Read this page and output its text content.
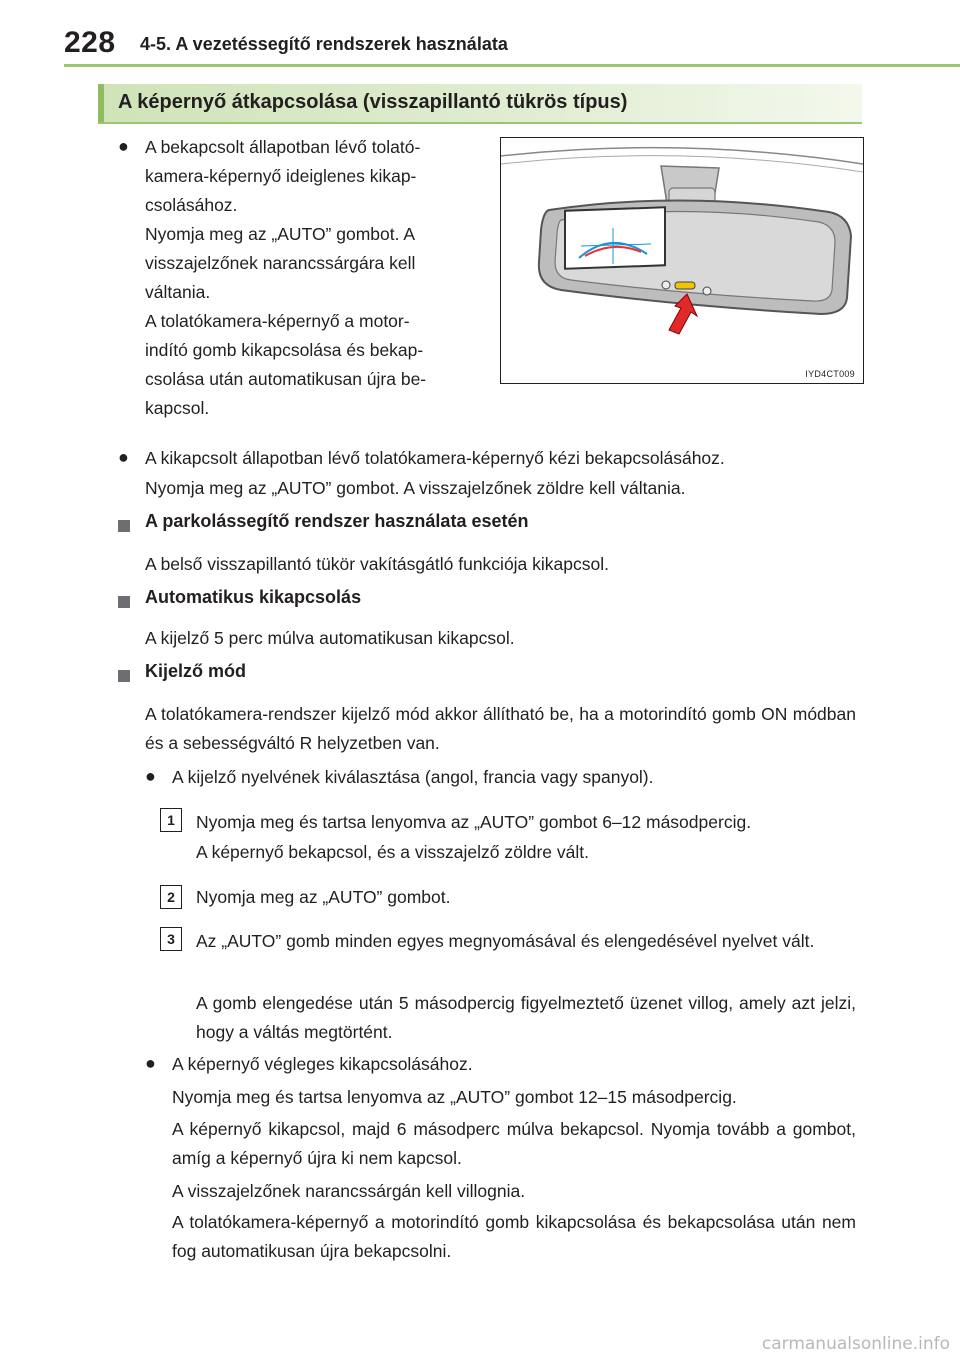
228 4-5. A vezetéssegítő rendszerek használata
A képernyő átkapcsolása (visszapillantó tükrös típus)
● A bekapcsolt állapotban lévő tolató-
kamera-képernyő ideiglenes kikap-
csolásához.
Nyomja meg az „AUTO” gombot. A
visszajelzőnek narancssárgára kell
váltania.
A tolatókamera-képernyő a motor-
indító gomb kikapcsolása és bekap-
csolása után automatikusan újra be-
kapcsol.
IYD4CT009
● A kikapcsolt állapotban lévő tolatókamera-képernyő kézi bekapcsolásához.
Nyomja meg az „AUTO” gombot. A visszajelzőnek zöldre kell váltania.
A parkolássegítő rendszer használata esetén
A belső visszapillantó tükör vakításgátló funkciója kikapcsol.
Automatikus kikapcsolás
A kijelző 5 perc múlva automatikusan kikapcsol.
Kijelző mód
A tolatókamera-rendszer kijelző mód akkor állítható be, ha a motorindító gomb ON módban és a sebességváltó R helyzetben van.
● A kijelző nyelvének kiválasztása (angol, francia vagy spanyol).
1	Nyomja meg és tartsa lenyomva az „AUTO” gombot 6–12 másodpercig.
A képernyő bekapcsol, és a visszajelző zöldre vált.
2	Nyomja meg az „AUTO” gombot.
3	Az „AUTO” gomb minden egyes megnyomásával és elengedésével nyelvet vált.
A gomb elengedése után 5 másodpercig figyelmeztető üzenet villog, amely azt jelzi, hogy a váltás megtörtént.
● A képernyő végleges kikapcsolásához.
Nyomja meg és tartsa lenyomva az „AUTO” gombot 12–15 másodpercig.
A képernyő kikapcsol, majd 6 másodperc múlva bekapcsol. Nyomja tovább a gombot, amíg a képernyő újra ki nem kapcsol.
A visszajelzőnek narancssárgán kell villognia.
A tolatókamera-képernyő a motorindító gomb kikapcsolása és bekapcsolása után nem fog automatikusan újra bekapcsolni.
carmanualsonline.info
